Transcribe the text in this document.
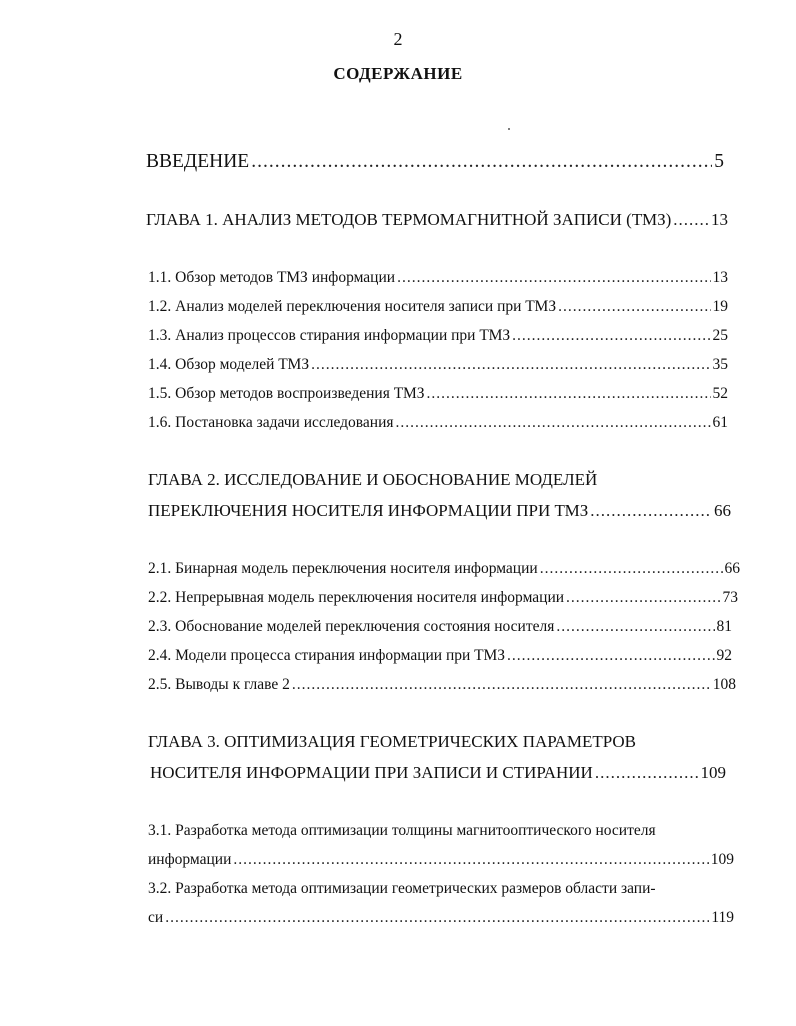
2
СОДЕРЖАНИЕ
ВВЕДЕНИЕ .....	5
ГЛАВА 1. АНАЛИЗ МЕТОДОВ ТЕРМОМАГНИТНОЙ ЗАПИСИ (ТМЗ) ..... 13
1.1. Обзор методов ТМЗ информации .....	13
1.2. Анализ моделей переключения носителя записи при ТМЗ .....	19
1.3. Анализ процессов стирания информации при ТМЗ .....	25
1.4. Обзор моделей ТМЗ .....	35
1.5. Обзор методов воспроизведения ТМЗ .....	52
1.6. Постановка задачи исследования .....	61
ГЛАВА 2. ИССЛЕДОВАНИЕ И ОБОСНОВАНИЕ МОДЕЛЕЙ
ПЕРЕКЛЮЧЕНИЯ НОСИТЕЛЯ ИНФОРМАЦИИ ПРИ ТМЗ .....	66
2.1. Бинарная модель переключения носителя информации .....	66
2.2. Непрерывная модель переключения носителя информации .....	73
2.3. Обоснование моделей переключения состояния носителя .....	81
2.4. Модели процесса стирания информации при ТМЗ .....	92
2.5. Выводы к главе 2 .....	108
ГЛАВА 3. ОПТИМИЗАЦИЯ ГЕОМЕТРИЧЕСКИХ ПАРАМЕТРОВ
НОСИТЕЛЯ ИНФОРМАЦИИ ПРИ ЗАПИСИ И СТИРАНИИ .....	109
3.1. Разработка метода оптимизации толщины магнитооптического носителя
информации .....	109
3.2. Разработка метода оптимизации геометрических размеров области запи-
си .....	119
